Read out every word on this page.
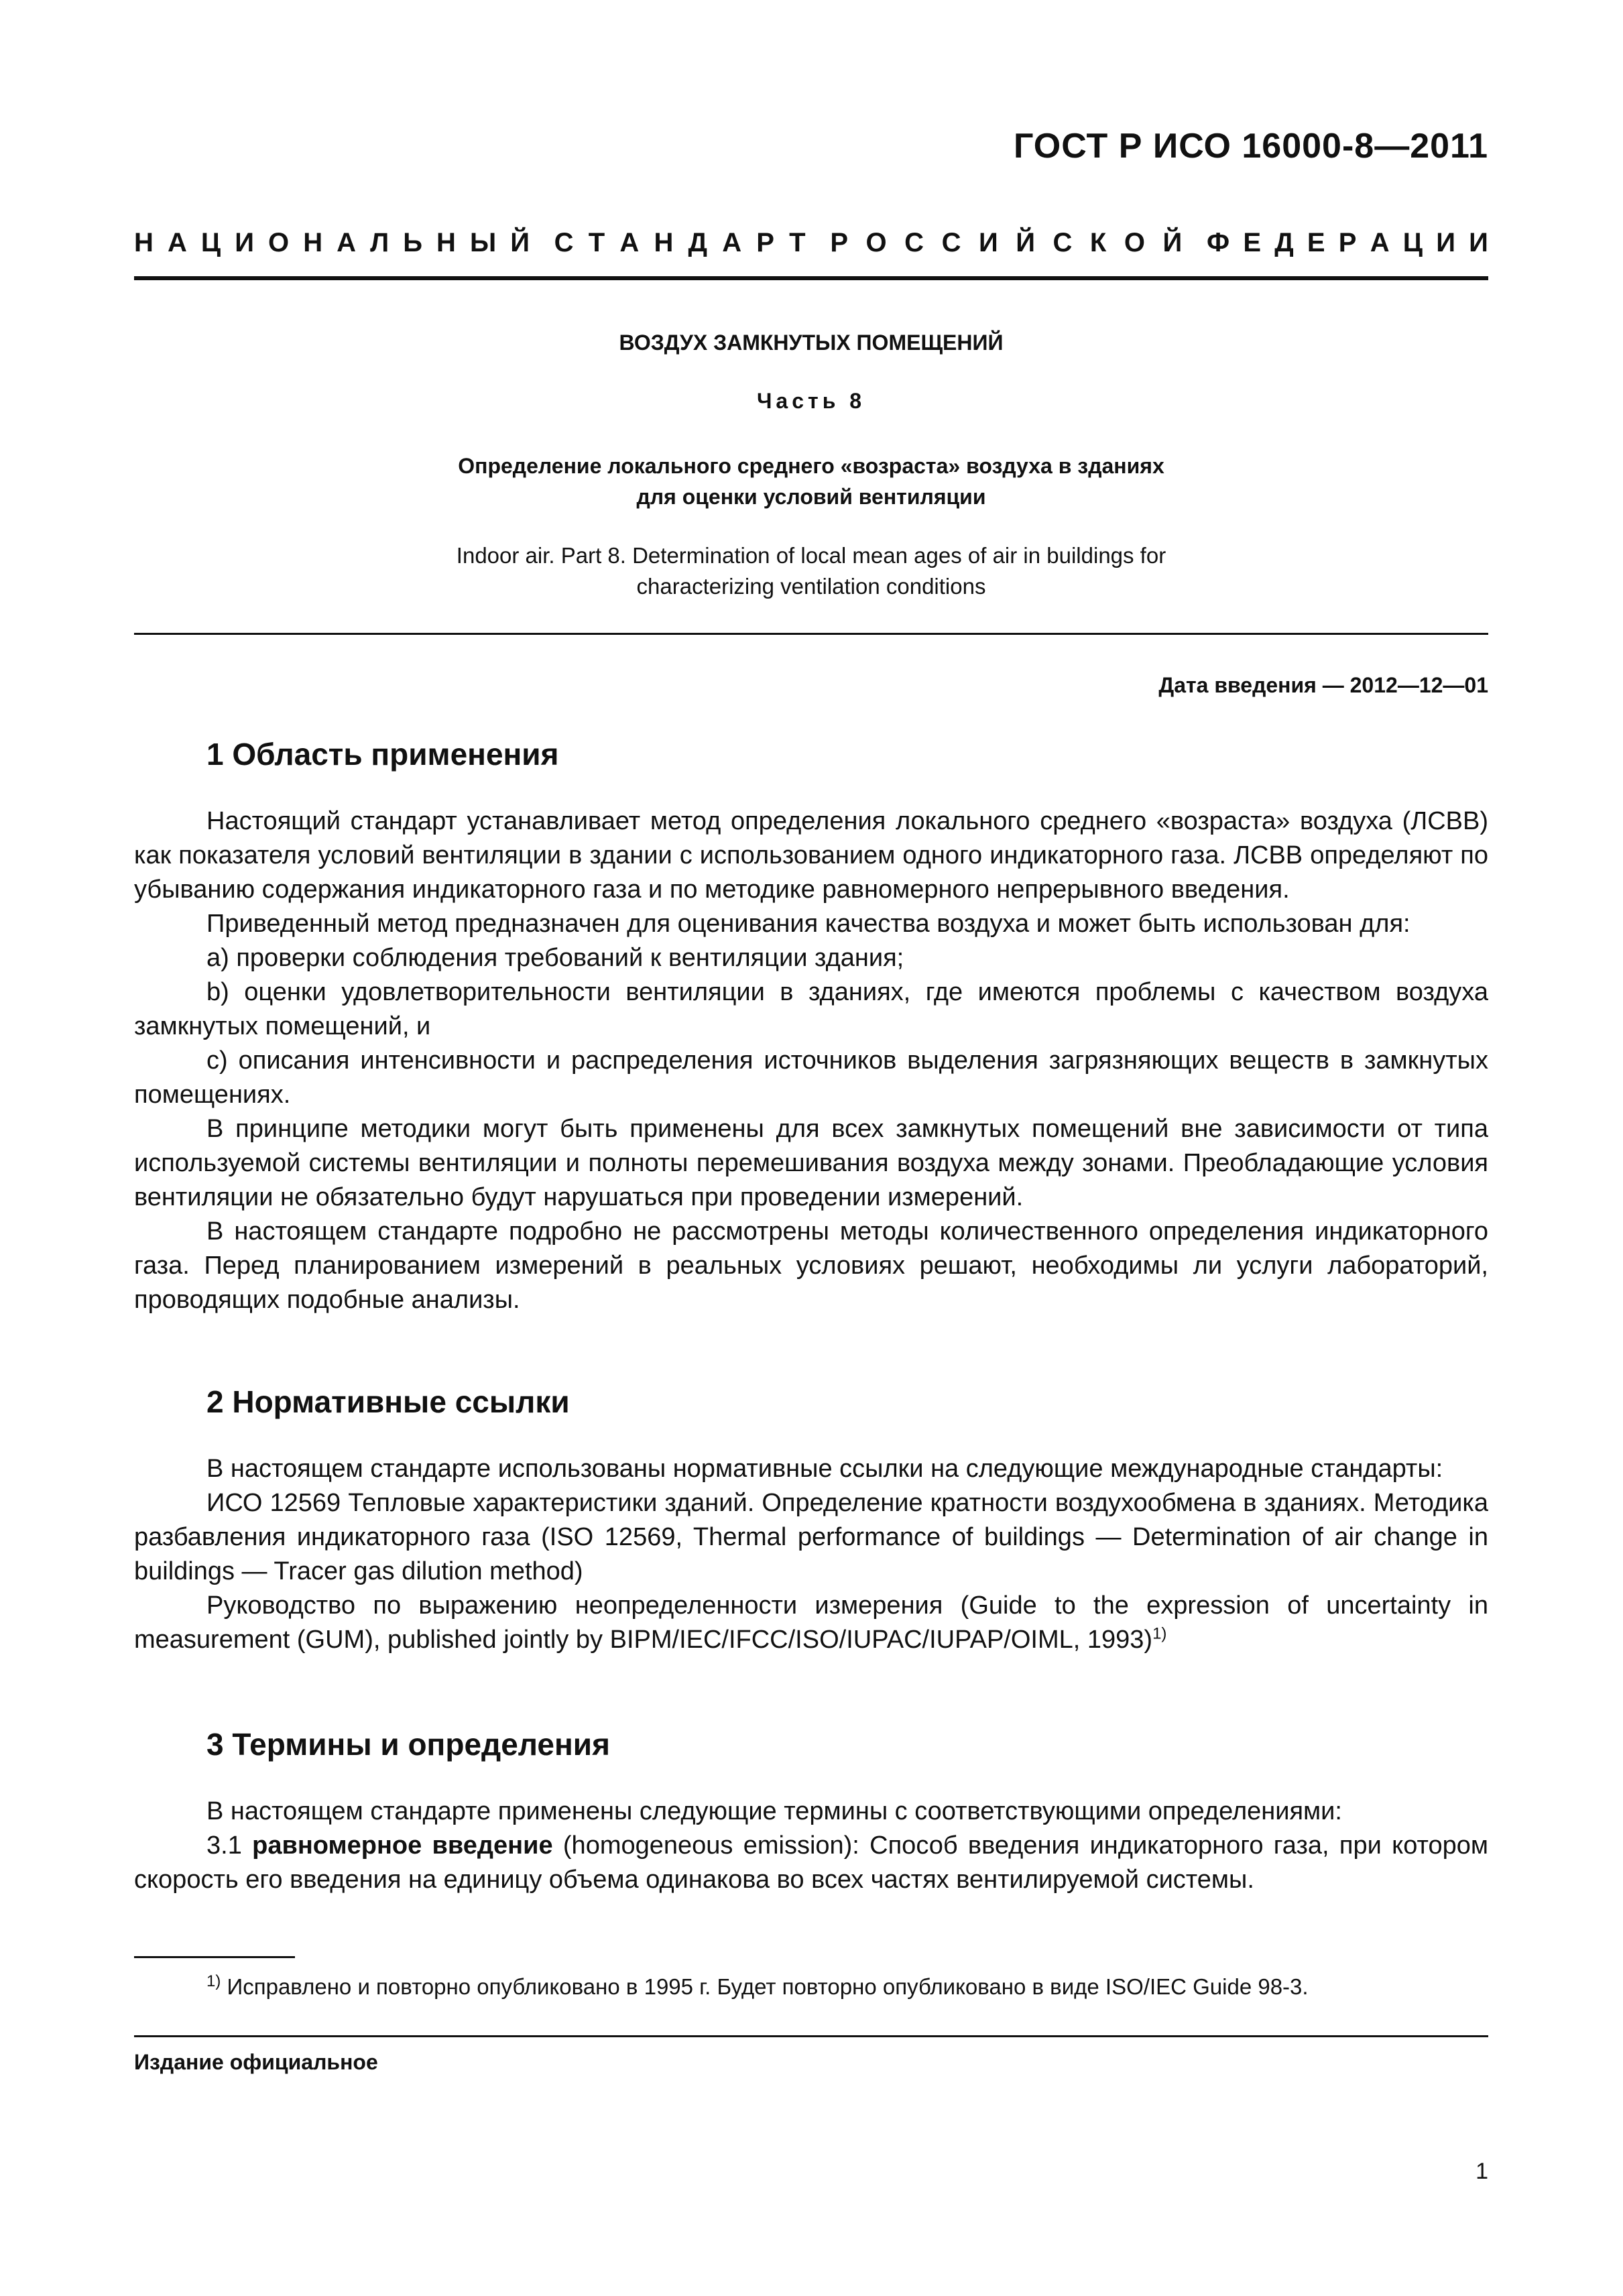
ГОСТ Р ИСО 16000-8—2011
Н А Ц И О Н А Л Ь Н Ы Й С Т А Н Д А Р Т Р О С С И Й С К О Й Ф Е Д Е Р А Ц И И
ВОЗДУХ ЗАМКНУТЫХ ПОМЕЩЕНИЙ
Часть 8
Определение локального среднего «возраста» воздуха в зданиях
для оценки условий вентиляции
Indoor air. Part 8. Determination of local mean ages of air in buildings for
characterizing ventilation conditions
Дата введения — 2012—12—01
1 Область применения

Настоящий стандарт устанавливает метод определения локального среднего «возраста» воздуха (ЛСВВ) как показателя условий вентиляции в здании с использованием одного индикаторного газа. ЛСВВ определяют по убыванию содержания индикаторного газа и по методике равномерного непрерывного введения.

Приведенный метод предназначен для оценивания качества воздуха и может быть использован для:

a) проверки соблюдения требований к вентиляции здания;

b) оценки удовлетворительности вентиляции в зданиях, где имеются проблемы с качеством воздуха замкнутых помещений, и

c) описания интенсивности и распределения источников выделения загрязняющих веществ в замкнутых помещениях.

В принципе методики могут быть применены для всех замкнутых помещений вне зависимости от типа используемой системы вентиляции и полноты перемешивания воздуха между зонами. Преобладающие условия вентиляции не обязательно будут нарушаться при проведении измерений.

В настоящем стандарте подробно не рассмотрены методы количественного определения индикаторного газа. Перед планированием измерений в реальных условиях решают, необходимы ли услуги лабораторий, проводящих подобные анализы.

2 Нормативные ссылки

В настоящем стандарте использованы нормативные ссылки на следующие международные стандарты:

ИСО 12569 Тепловые характеристики зданий. Определение кратности воздухообмена в зданиях. Методика разбавления индикаторного газа (ISO 12569, Thermal performance of buildings — Determination of air change in buildings — Tracer gas dilution method)

Руководство по выражению неопределенности измерения (Guide to the expression of uncertainty in measurement (GUM), published jointly by BIPM/IEC/IFCC/ISO/IUPAC/IUPAP/OIML, 1993)$^{1)}$

3 Термины и определения

В настоящем стандарте применены следующие термины с соответствующими определениями:

3.1 равномерное введение (homogeneous emission): Способ введения индикаторного газа, при котором скорость его введения на единицу объема одинакова во всех частях вентилируемой системы.

$^{1)}$ Исправлено и повторно опубликовано в 1995 г. Будет повторно опубликовано в виде ISO/IEC Guide 98-3.
Издание официальное
1
